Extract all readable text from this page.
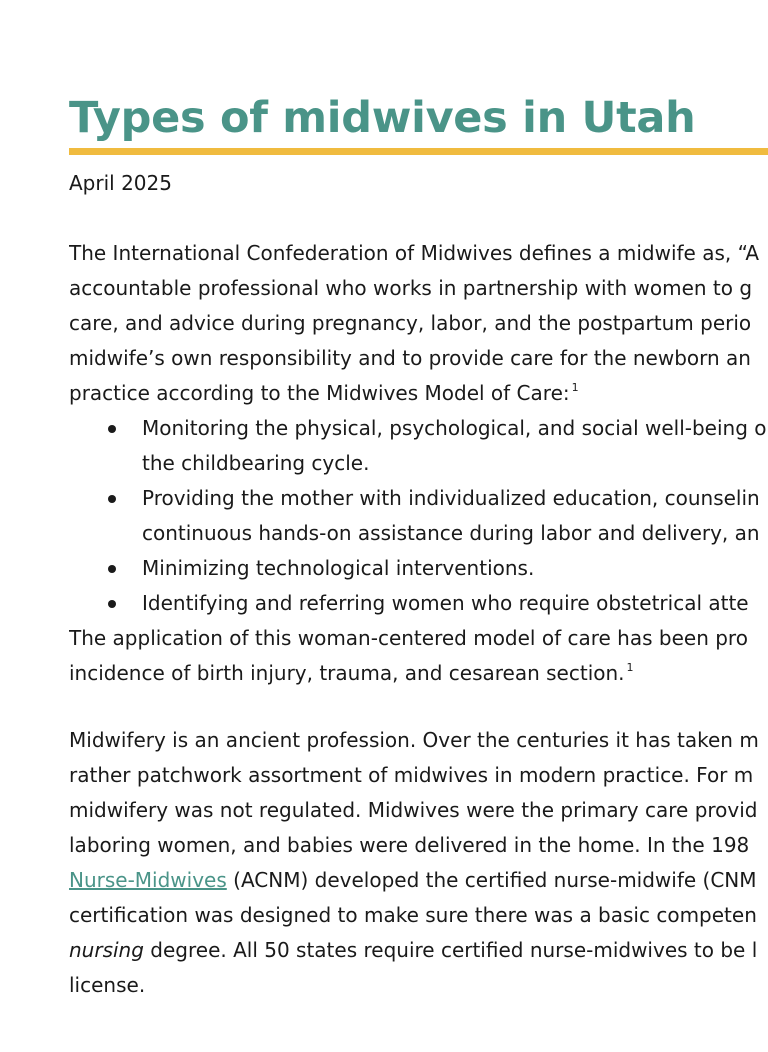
Types of midwives in Utah
April 2025
The International Confederation of Midwives defines a midwife as, “A
accountable professional who works in partnership with women to g
care, and advice during pregnancy, labor, and the postpartum perio
midwife’s own responsibility and to provide care for the newborn an
practice according to the Midwives Model of Care: $^1$
Monitoring the physical, psychological, and social well-being o
the childbearing cycle.
Providing the mother with individualized education, counselin
continuous hands-on assistance during labor and delivery, an
Minimizing technological interventions.
Identifying and referring women who require obstetrical atte
The application of this woman-centered model of care has been pro
incidence of birth injury, trauma, and cesarean section. $^1$
Midwifery is an ancient profession. Over the centuries it has taken m
rather patchwork assortment of midwives in modern practice. For m
midwifery was not regulated. Midwives were the primary care provid
laboring women, and babies were delivered in the home. In the 198
Nurse-Midwives (ACNM) developed the certified nurse-midwife (CNM
certification was designed to make sure there was a basic competen
nursing degree. All 50 states require certified nurse-midwives to be l
license.
